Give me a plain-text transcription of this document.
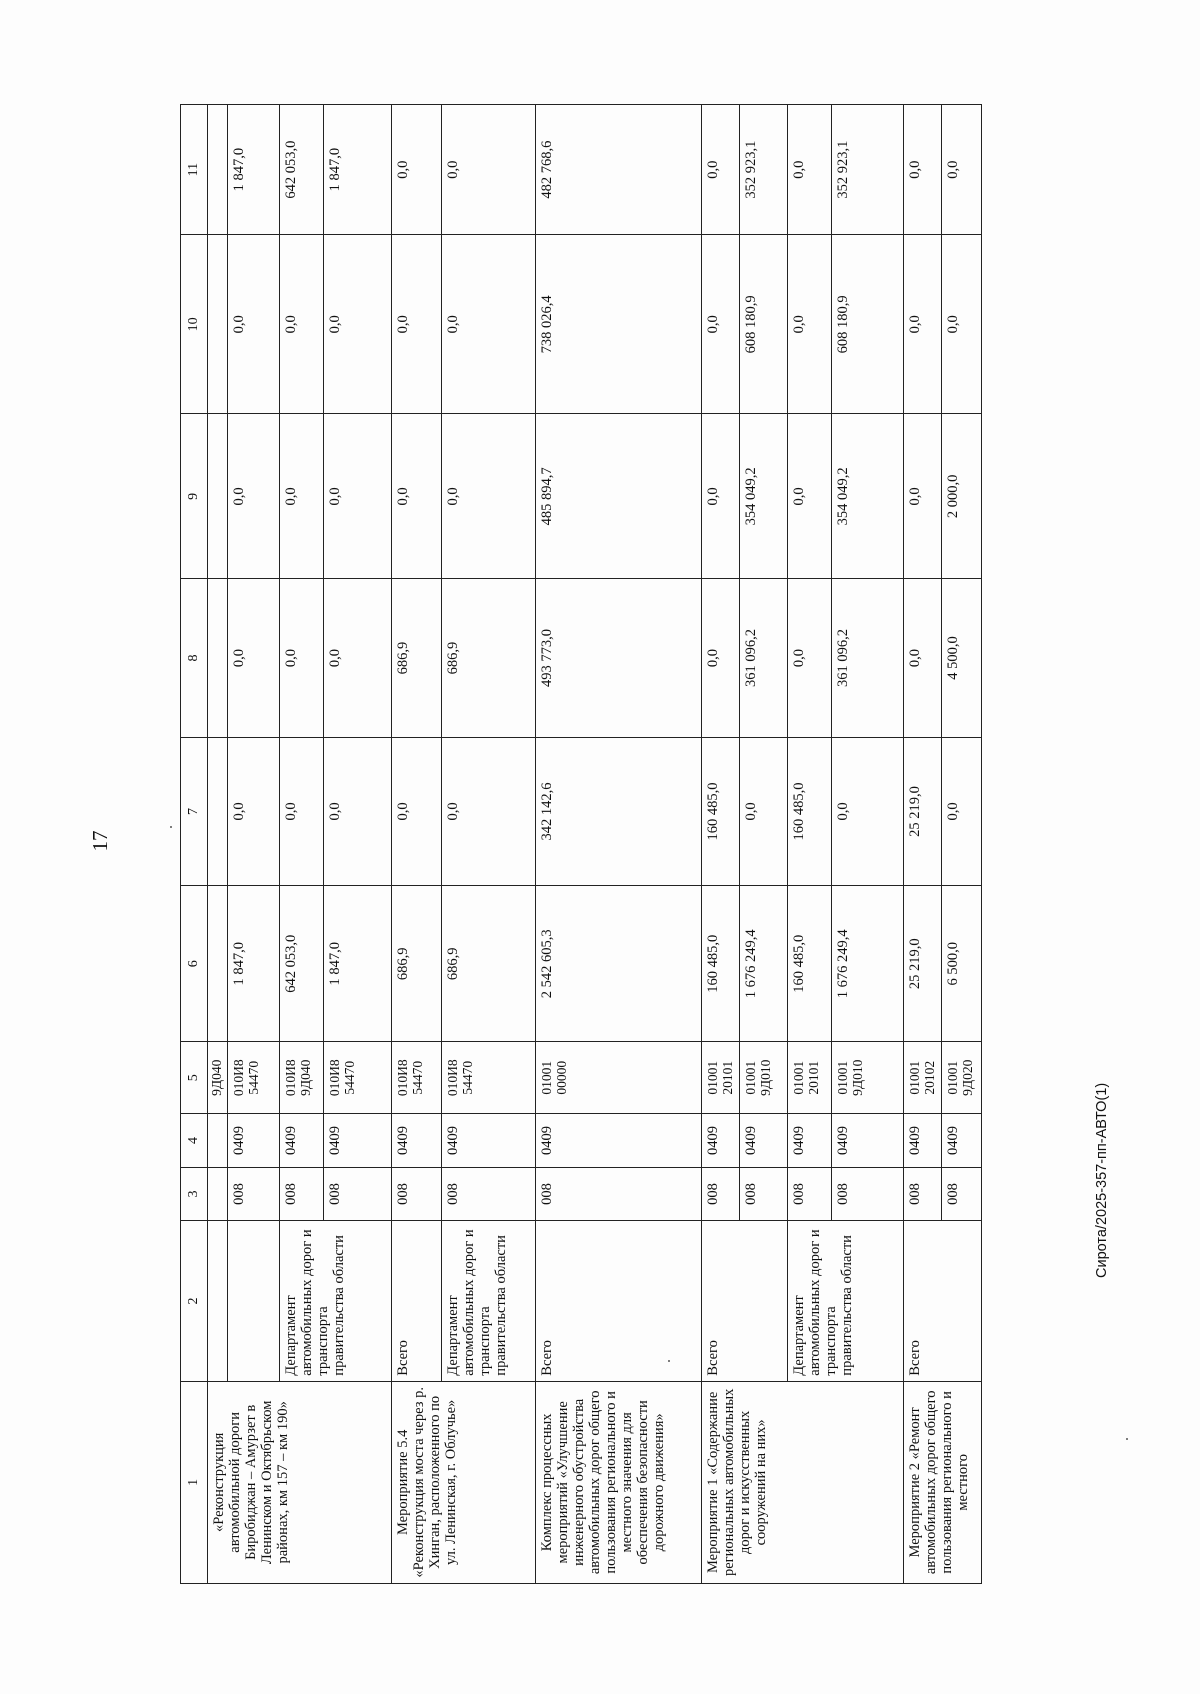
17
1	2	3	4	5	6	7	8	9	10	11
«Реконструкция автомобильной дороги Биробиджан – Амурзет в Ленинском и Октябрьском районах, км 157 – км 190»				9Д040						
		008	0409	010И8 54470	1 847,0	0,0	0,0	0,0	0,0	1 847,0
	Департамент автомобильных дорог и транспорта правительства области	008	0409	010И8 9Д040	642 053,0	0,0	0,0	0,0	0,0	642 053,0
		008	0409	010И8 54470	1 847,0	0,0	0,0	0,0	0,0	1 847,0
Мероприятие 5.4 «Реконструкция моста через р. Хинган, расположенного по ул. Ленинская, г. Облучье»	Всего	008	0409	010И8 54470	686,9	0,0	686,9	0,0	0,0	0,0
	Департамент автомобильных дорог и транспорта правительства области	008	0409	010И8 54470	686,9	0,0	686,9	0,0	0,0	0,0
Комплекс процессных мероприятий «Улучшение инженерного обустройства автомобильных дорог общего пользования регионального и местного значения для обеспечения безопасности дорожного движения»	Всего	008	0409	01001 00000	2 542 605,3	342 142,6	493 773,0	485 894,7	738 026,4	482 768,6
Мероприятие 1 «Содержание региональных автомобильных дорог и искусственных сооружений на них»	Всего	008	0409	01001 20101	160 485,0	160 485,0	0,0	0,0	0,0	0,0
		008	0409	01001 9Д010	1 676 249,4	0,0	361 096,2	354 049,2	608 180,9	352 923,1
	Департамент автомобильных дорог и транспорта правительства области	008	0409	01001 20101	160 485,0	160 485,0	0,0	0,0	0,0	0,0
		008	0409	01001 9Д010	1 676 249,4	0,0	361 096,2	354 049,2	608 180,9	352 923,1
Мероприятие 2 «Ремонт автомобильных дорог общего пользования регионального и местного	Всего	008	0409	01001 20102	25 219,0	25 219,0	0,0	0,0	0,0	0,0
		008	0409	01001 9Д020	6 500,0	0,0	4 500,0	2 000,0	0,0	0,0
Сирота/2025-357-пп-АВТО(1)
